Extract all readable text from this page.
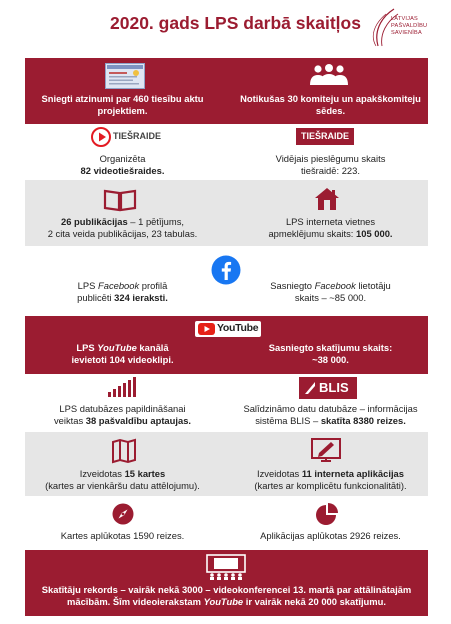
2020. gads LPS darbā skaitļos	LATVIJAS
PAŠVALDĪBU
SAVIENĪBA
Sniegti atzinumi par 460 tiesību aktu projektiem.
Notikušas 30 komiteju un apakškomiteju sēdes.
TIEŠRAIDE
Organizēta
82 videotiešraides.
TIEŠRAIDE
Vidējais pieslēgumu skaits
tiešraidē: 223.
26 publikācijas – 1 pētījums,
2 cita veida publikācijas, 23 tabulas.
LPS interneta vietnes
apmeklējumu skaits: 105 000.
LPS Facebook profilā
publicēti 324 ieraksti.
Sasniegto Facebook lietotāju
skaits – ~85 000.
YouTube
LPS YouTube kanālā
ievietoti 104 videoklipi.
Sasniegto skatījumu skaits:
~38 000.
LPS datubāzes papildināšanai
veiktas 38 pašvaldību aptaujas.
BLIS
Salīdzināmo datu datubāze – informācijas
sistēma BLIS – skatīta 8380 reizes.
Izveidotas 15 kartes
(kartes ar vienkāršu datu attēlojumu).
Izveidotas 11 interneta aplikācijas
(kartes ar komplicētu funkcionalitāti).
Kartes aplūkotas 1590 reizes.	Aplikācijas aplūkotas 2926 reizes.
Skatītāju rekords – vairāk nekā 3000 – videokonferencei 13. martā par attālinātajām
mācībām. Šīm videoierakstam YouTube ir vairāk nekā 20 000 skatījumu.
